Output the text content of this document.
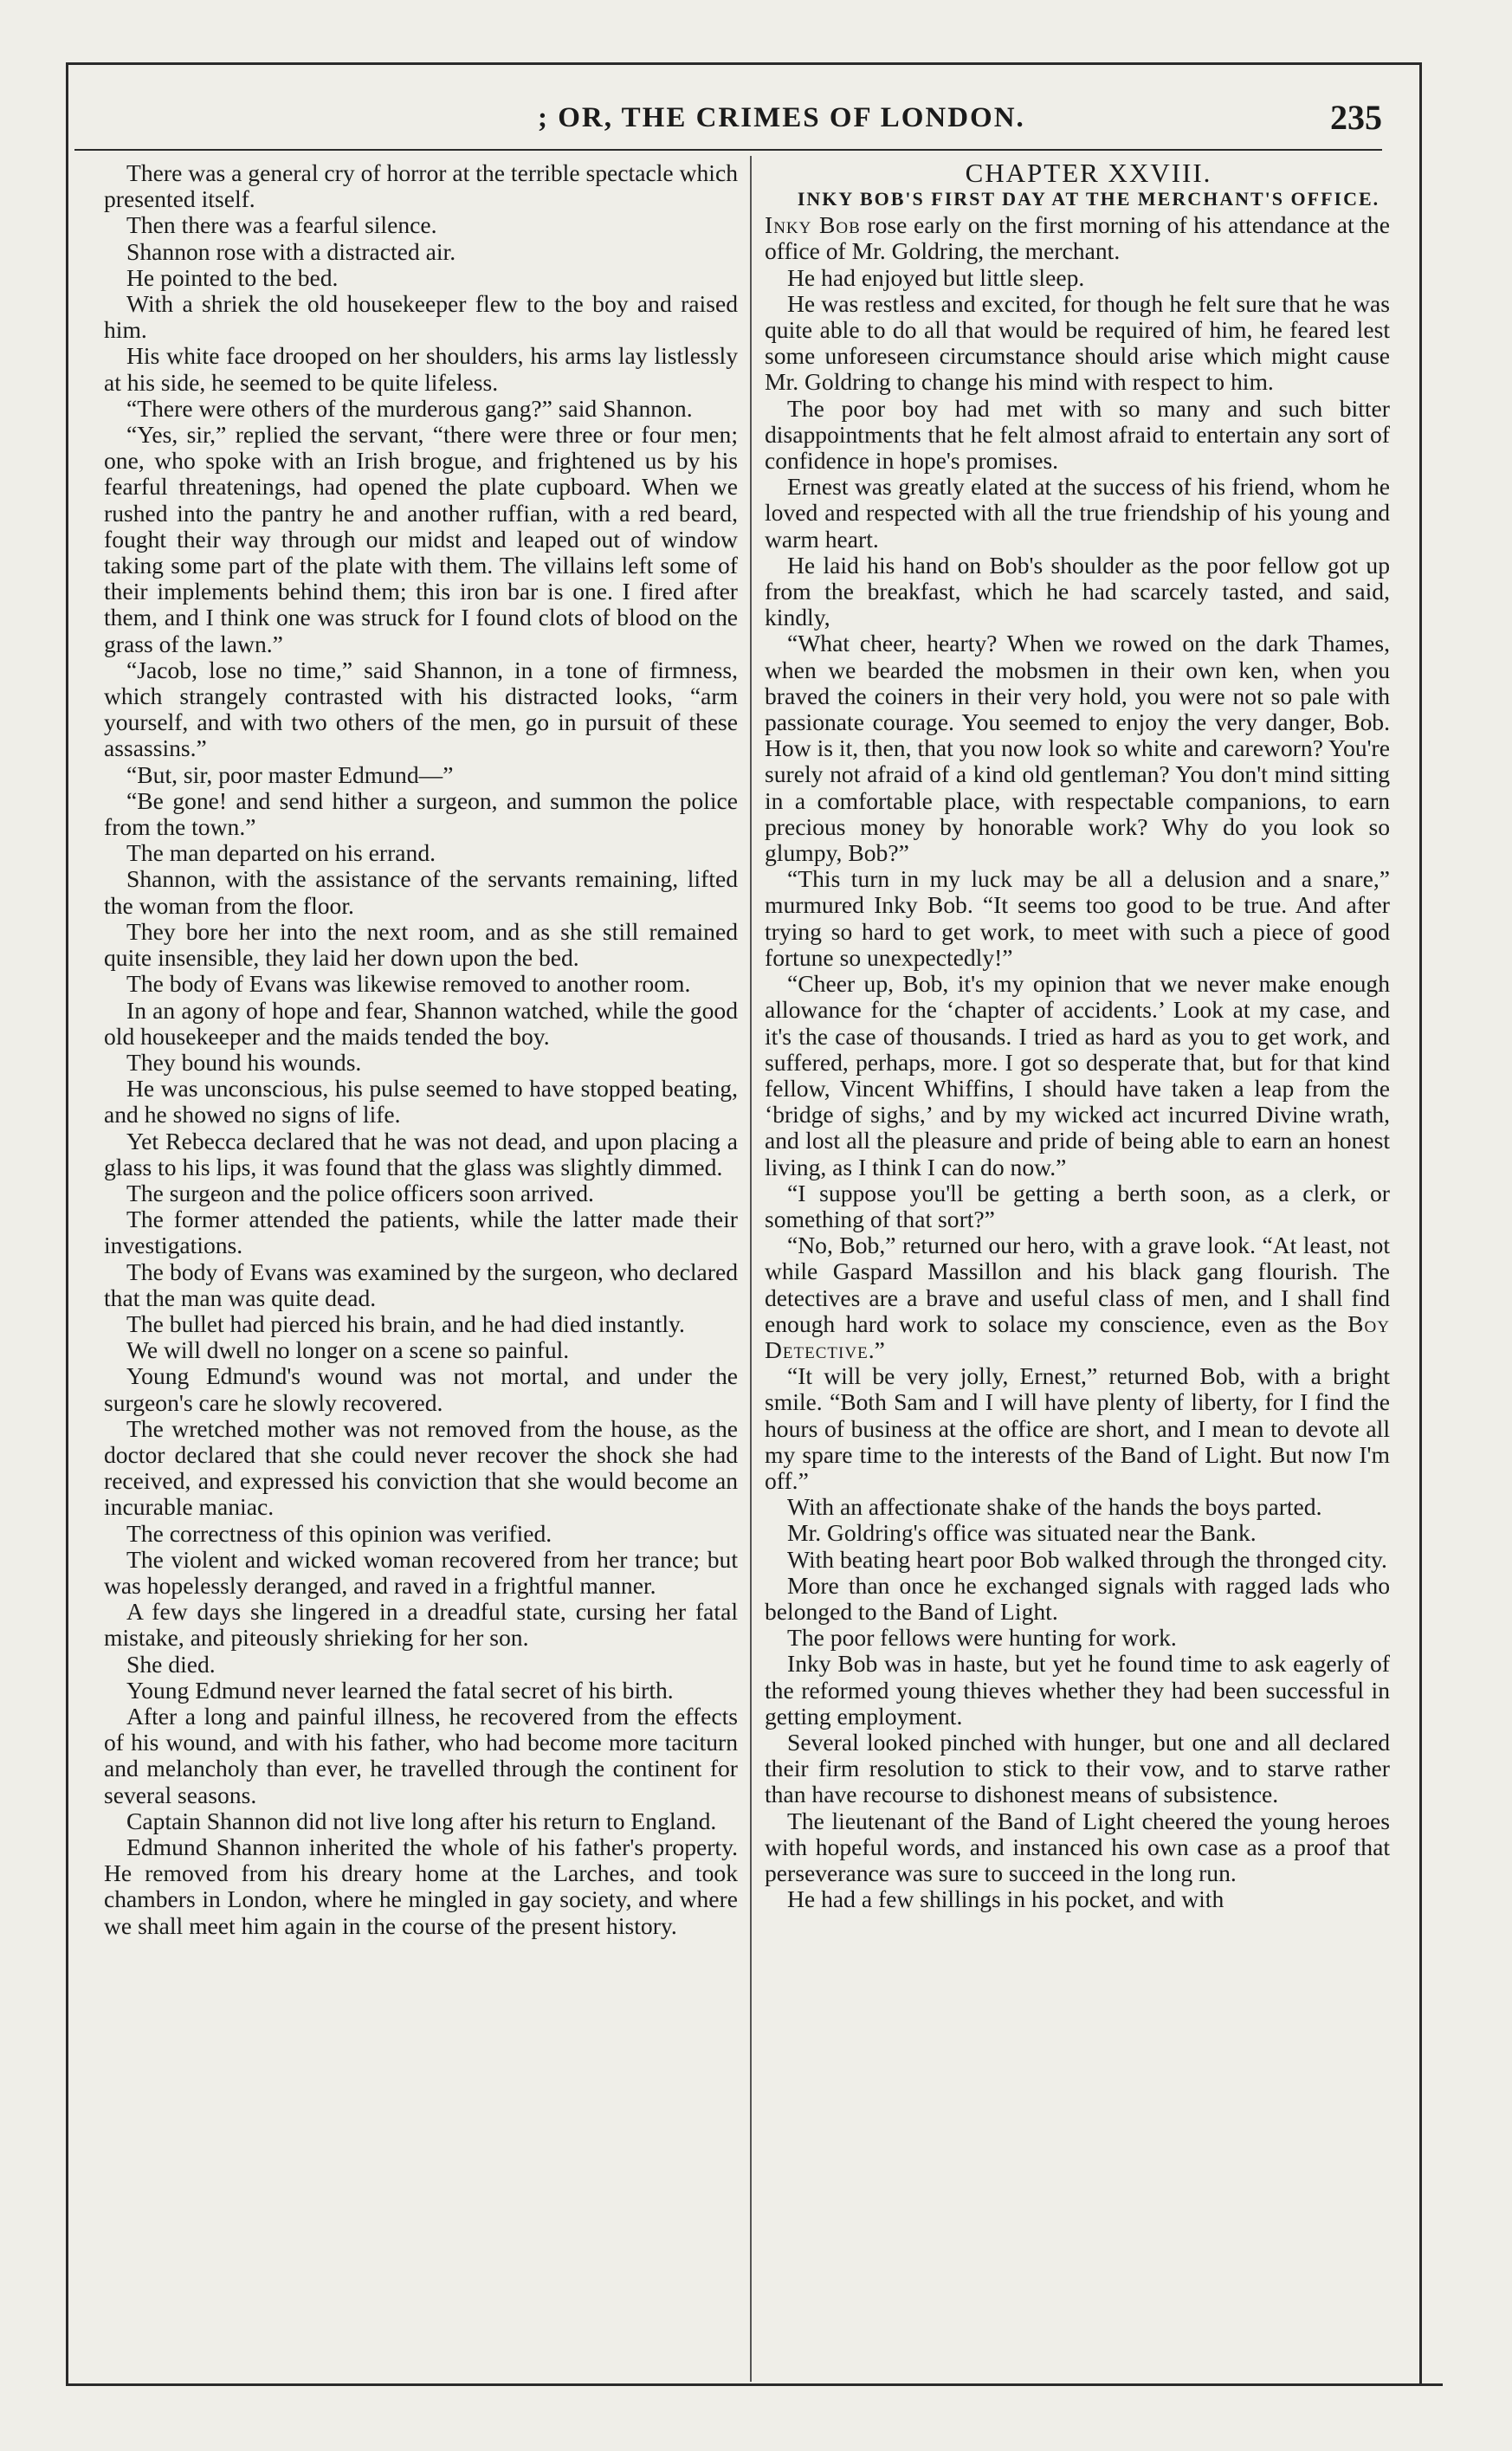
; OR, THE CRIMES OF LONDON.	235

There was a general cry of horror at the terrible spectacle which presented itself.

Then there was a fearful silence.

Shannon rose with a distracted air.

He pointed to the bed.

With a shriek the old housekeeper flew to the boy and raised him.

His white face drooped on her shoulders, his arms lay listlessly at his side, he seemed to be quite lifeless.

“There were others of the murderous gang?” said Shannon.

“Yes, sir,” replied the servant, “there were three or four men; one, who spoke with an Irish brogue, and frightened us by his fearful threatenings, had opened the plate cupboard. When we rushed into the pantry he and another ruffian, with a red beard, fought their way through our midst and leaped out of window taking some part of the plate with them. The villains left some of their implements behind them; this iron bar is one. I fired after them, and I think one was struck for I found clots of blood on the grass of the lawn.”

“Jacob, lose no time,” said Shannon, in a tone of firmness, which strangely contrasted with his distracted looks, “arm yourself, and with two others of the men, go in pursuit of these assassins.”

“But, sir, poor master Edmund—”

“Be gone! and send hither a surgeon, and summon the police from the town.”

The man departed on his errand.

Shannon, with the assistance of the servants remaining, lifted the woman from the floor.

They bore her into the next room, and as she still remained quite insensible, they laid her down upon the bed.

The body of Evans was likewise removed to another room.

In an agony of hope and fear, Shannon watched, while the good old housekeeper and the maids tended the boy.

They bound his wounds.

He was unconscious, his pulse seemed to have stopped beating, and he showed no signs of life.

Yet Rebecca declared that he was not dead, and upon placing a glass to his lips, it was found that the glass was slightly dimmed.

The surgeon and the police officers soon arrived.

The former attended the patients, while the latter made their investigations.

The body of Evans was examined by the surgeon, who declared that the man was quite dead.

The bullet had pierced his brain, and he had died instantly.

We will dwell no longer on a scene so painful.

Young Edmund's wound was not mortal, and under the surgeon's care he slowly recovered.

The wretched mother was not removed from the house, as the doctor declared that she could never recover the shock she had received, and expressed his conviction that she would become an incurable maniac.

The correctness of this opinion was verified.

The violent and wicked woman recovered from her trance; but was hopelessly deranged, and raved in a frightful manner.

A few days she lingered in a dreadful state, cursing her fatal mistake, and piteously shrieking for her son.

She died.

Young Edmund never learned the fatal secret of his birth.

After a long and painful illness, he recovered from the effects of his wound, and with his father, who had become more taciturn and melancholy than ever, he travelled through the continent for several seasons.

Captain Shannon did not live long after his return to England.

Edmund Shannon inherited the whole of his father's property. He removed from his dreary home at the Larches, and took chambers in London, where he mingled in gay society, and where we shall meet him again in the course of the present history.

CHAPTER XXVIII.

INKY BOB'S FIRST DAY AT THE MERCHANT'S OFFICE.

Inky Bob rose early on the first morning of his attendance at the office of Mr. Goldring, the merchant.

He had enjoyed but little sleep.

He was restless and excited, for though he felt sure that he was quite able to do all that would be required of him, he feared lest some unforeseen circumstance should arise which might cause Mr. Goldring to change his mind with respect to him.

The poor boy had met with so many and such bitter disappointments that he felt almost afraid to entertain any sort of confidence in hope's promises.

Ernest was greatly elated at the success of his friend, whom he loved and respected with all the true friendship of his young and warm heart.

He laid his hand on Bob's shoulder as the poor fellow got up from the breakfast, which he had scarcely tasted, and said, kindly,

“What cheer, hearty? When we rowed on the dark Thames, when we bearded the mobsmen in their own ken, when you braved the coiners in their very hold, you were not so pale with passionate courage. You seemed to enjoy the very danger, Bob. How is it, then, that you now look so white and careworn? You're surely not afraid of a kind old gentleman? You don't mind sitting in a comfortable place, with respectable companions, to earn precious money by honorable work? Why do you look so glumpy, Bob?”

“This turn in my luck may be all a delusion and a snare,” murmured Inky Bob. “It seems too good to be true. And after trying so hard to get work, to meet with such a piece of good fortune so unexpectedly!”

“Cheer up, Bob, it's my opinion that we never make enough allowance for the ‘chapter of accidents.’ Look at my case, and it's the case of thousands. I tried as hard as you to get work, and suffered, perhaps, more. I got so desperate that, but for that kind fellow, Vincent Whiffins, I should have taken a leap from the ‘bridge of sighs,’ and by my wicked act incurred Divine wrath, and lost all the pleasure and pride of being able to earn an honest living, as I think I can do now.”

“I suppose you'll be getting a berth soon, as a clerk, or something of that sort?”

“No, Bob,” returned our hero, with a grave look. “At least, not while Gaspard Massillon and his black gang flourish. The detectives are a brave and useful class of men, and I shall find enough hard work to solace my conscience, even as the Boy Detective.”

“It will be very jolly, Ernest,” returned Bob, with a bright smile. “Both Sam and I will have plenty of liberty, for I find the hours of business at the office are short, and I mean to devote all my spare time to the interests of the Band of Light. But now I'm off.”

With an affectionate shake of the hands the boys parted.

Mr. Goldring's office was situated near the Bank.

With beating heart poor Bob walked through the thronged city.

More than once he exchanged signals with ragged lads who belonged to the Band of Light.

The poor fellows were hunting for work.

Inky Bob was in haste, but yet he found time to ask eagerly of the reformed young thieves whether they had been successful in getting employment.

Several looked pinched with hunger, but one and all declared their firm resolution to stick to their vow, and to starve rather than have recourse to dishonest means of subsistence.

The lieutenant of the Band of Light cheered the young heroes with hopeful words, and instanced his own case as a proof that perseverance was sure to succeed in the long run.

He had a few shillings in his pocket, and with
